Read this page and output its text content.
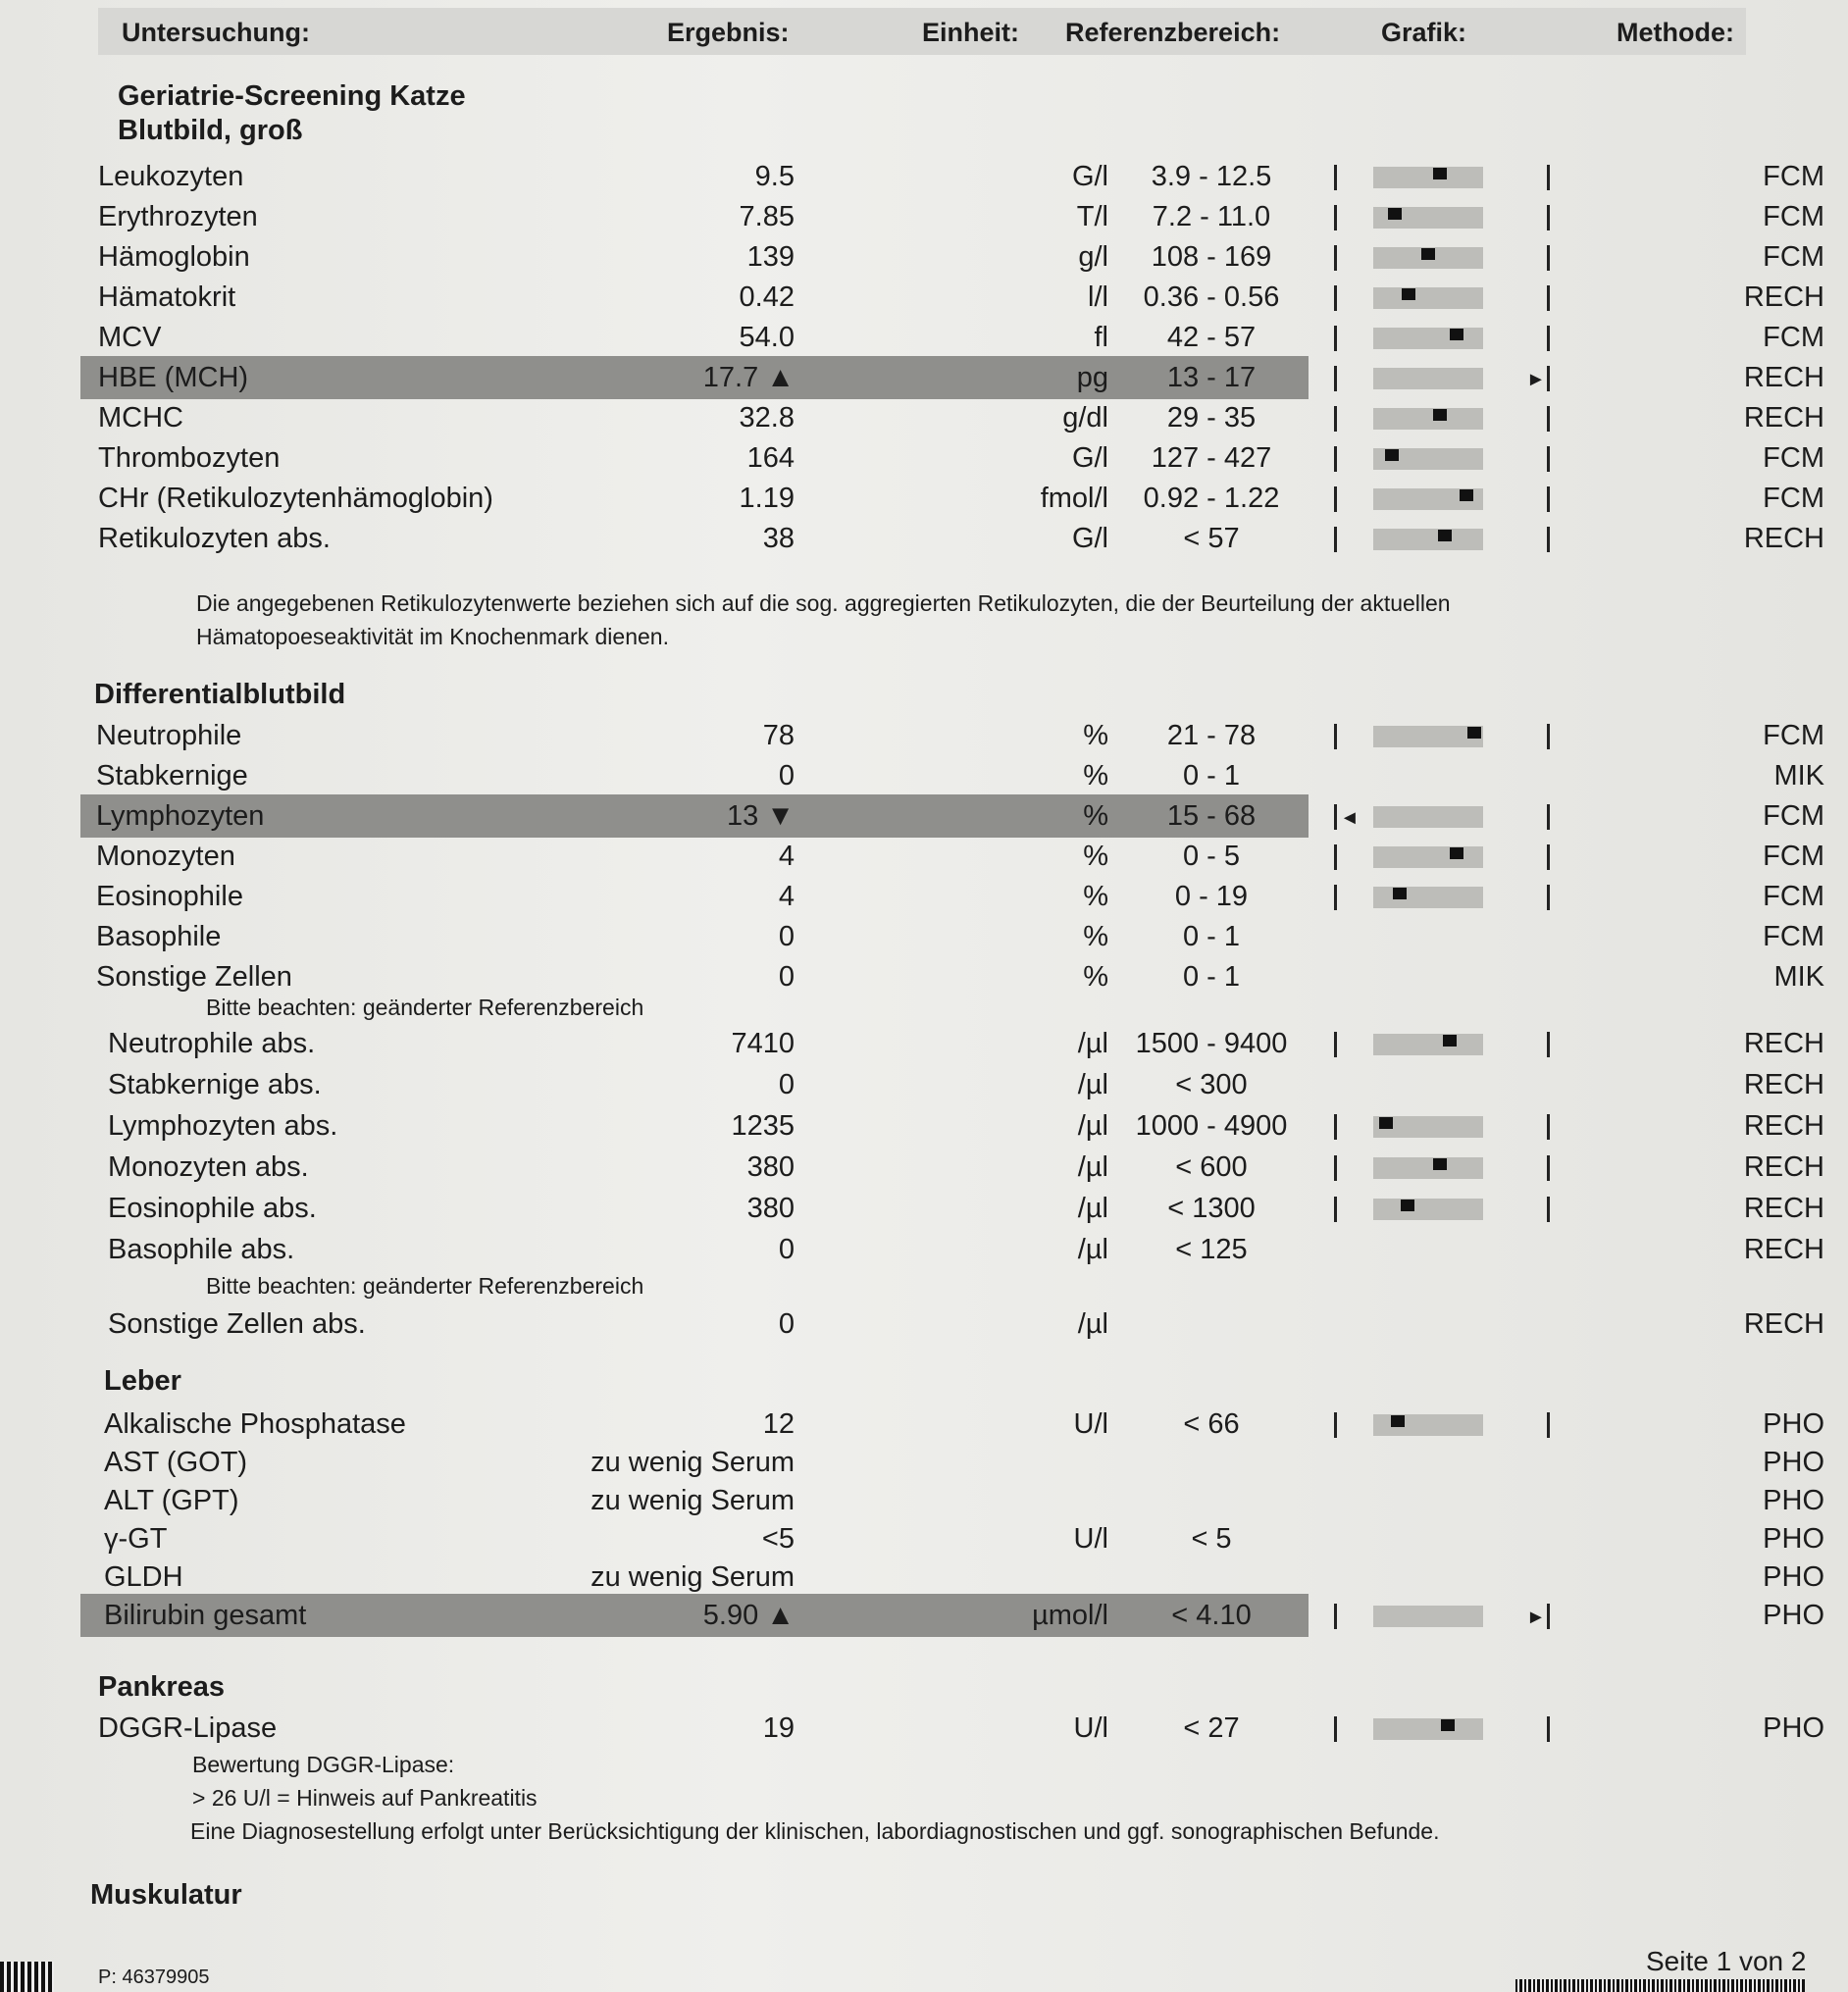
Untersuchung:	Ergebnis:	Einheit: Referenzbereich:	Grafik:	Methode:
Geriatrie-Screening Katze
Blutbild, groß
Leukozyten	9.5	G/l	3.9 - 12.5	FCM
Erythrozyten	7.85	T/l	7.2 - 11.0	FCM
Hämoglobin	139	g/l	108 - 169	FCM
Hämatokrit	0.42	l/l	0.36 - 0.56	RECH
MCV	54.0	fl	42 - 57	FCM
HBE (MCH)	17.7 ▲	pg	13 - 17	RECH
►
MCHC	32.8	g/dl	29 - 35	RECH
Thrombozyten	164	G/l	127 - 427	FCM
CHr (Retikulozytenhämoglobin)	1.19	fmol/l	0.92 - 1.22	FCM
Retikulozyten abs.	38	G/l	< 57	RECH
Die angegebenen Retikulozytenwerte beziehen sich auf die sog. aggregierten Retikulozyten, die der Beurteilung der aktuellen
Hämatopoeseaktivität im Knochenmark dienen.
Differentialblutbild
Neutrophile	78	%	21 - 78	FCM
Stabkernige	0	%	0 - 1	MIK
Lymphozyten	13 ▼	%	15 - 68	FCM
◄
Monozyten	4	%	0 - 5	FCM
Eosinophile	4	%	0 - 19	FCM
Basophile	0	%	0 - 1	FCM
Sonstige Zellen	0	%	0 - 1	MIK
Bitte beachten: geänderter Referenzbereich
Neutrophile abs.	7410	/µl 1500 - 9400	RECH
Stabkernige abs.	0	/µl	< 300	RECH
Lymphozyten abs.	1235	/µl 1000 - 4900	RECH
Monozyten abs.	380	/µl	< 600	RECH
Eosinophile abs.	380	/µl	< 1300	RECH
Basophile abs.	0	/µl	< 125	RECH
Bitte beachten: geänderter Referenzbereich
Sonstige Zellen abs.	0	/µl	RECH
Leber
Alkalische Phosphatase	12	U/l	< 66	PHO
AST (GOT)	zu wenig Serum	PHO
ALT (GPT)	zu wenig Serum	PHO
γ-GT	<5	U/l	< 5	PHO
GLDH	zu wenig Serum	PHO
Bilirubin gesamt	5.90 ▲	µmol/l	< 4.10	PHO
►
Pankreas
DGGR-Lipase	19	U/l	< 27	PHO
Bewertung DGGR-Lipase:
> 26 U/l = Hinweis auf Pankreatitis
Eine Diagnosestellung erfolgt unter Berücksichtigung der klinischen, labordiagnostischen und ggf. sonographischen Befunde.
Muskulatur
P: 46379905
Seite 1 von 2
